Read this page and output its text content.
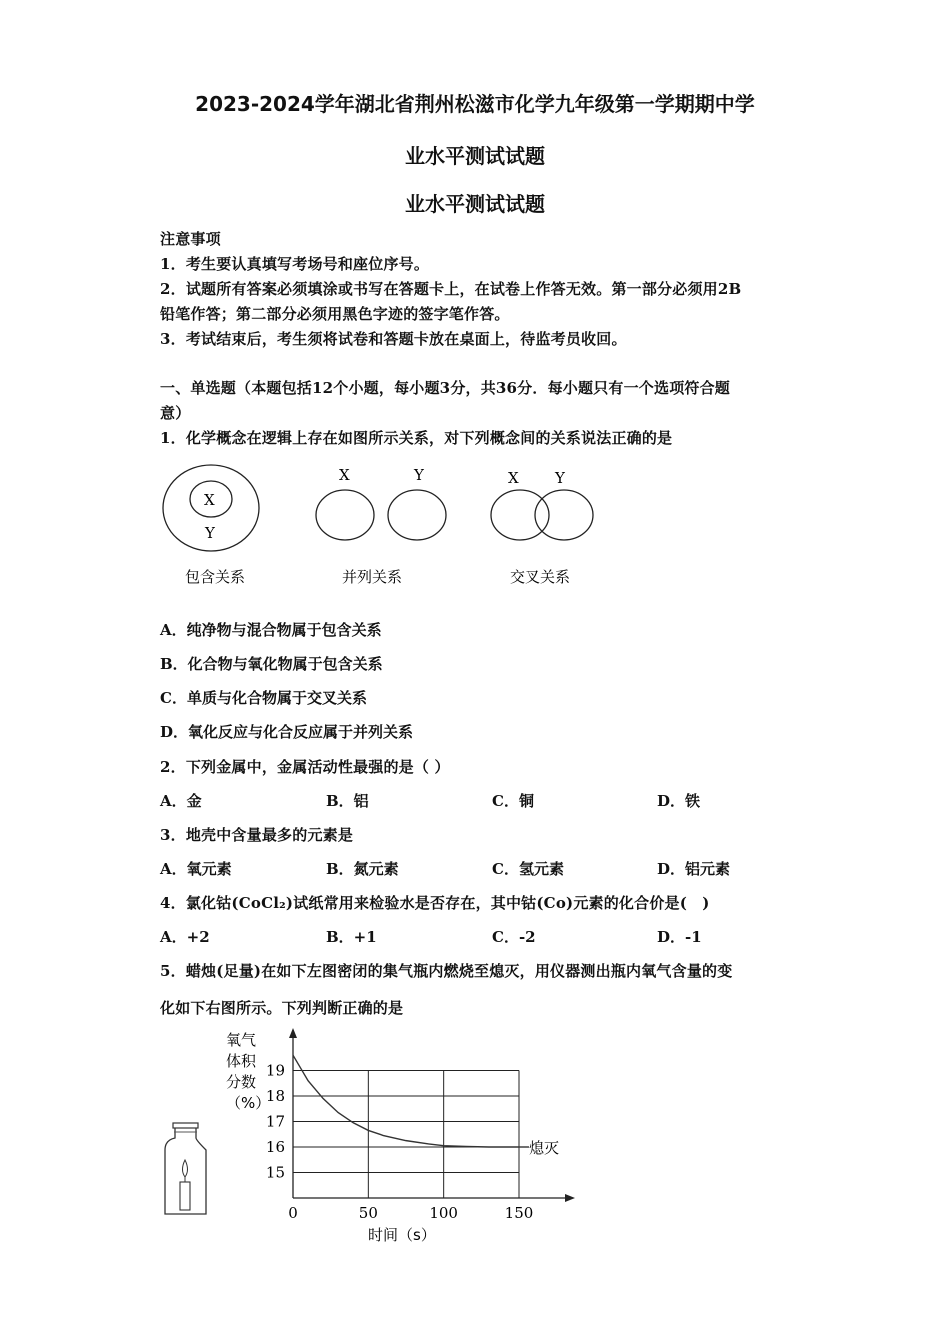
2023-2024学年湖北省荆州松滋市化学九年级第一学期期中学
业水平测试试题
业水平测试试题
注意事项
1．考生要认真填写考场号和座位序号。
2．试题所有答案必须填涂或书写在答题卡上，在试卷上作答无效。第一部分必须用2B
铅笔作答；第二部分必须用黑色字迹的签字笔作答。
3．考试结束后，考生须将试卷和答题卡放在桌面上，待监考员收回。
一、单选题（本题包括12个小题，每小题3分，共36分．每小题只有一个选项符合题
意）
1．化学概念在逻辑上存在如图所示关系，对下列概念间的关系说法正确的是
X
Y
X	Y	X Y
包含关系	并列关系	交叉关系
A．纯净物与混合物属于包含关系
B．化合物与氧化物属于包含关系
C．单质与化合物属于交叉关系
D．氧化反应与化合反应属于并列关系
2．下列金属中，金属活动性最强的是（ ）
A．金	B．铝	C．铜	D．铁
3．地壳中含量最多的元素是
A．氧元素	B．氮元素	C．氢元素	D．铝元素
4．氯化钴(CoCl₂)试纸常用来检验水是否存在，其中钴(Co)元素的化合价是(　)
A．+2	B．+1	C．-2	D．-1
5．蜡烛(足量)在如下左图密闭的集气瓶内燃烧至熄灭，用仪器测出瓶内氧气含量的变
化如下右图所示。下列判断正确的是
氧气
体积
分数
（%）
15
16
17
18
19
0	50	100	150
熄灭
时间（s）
